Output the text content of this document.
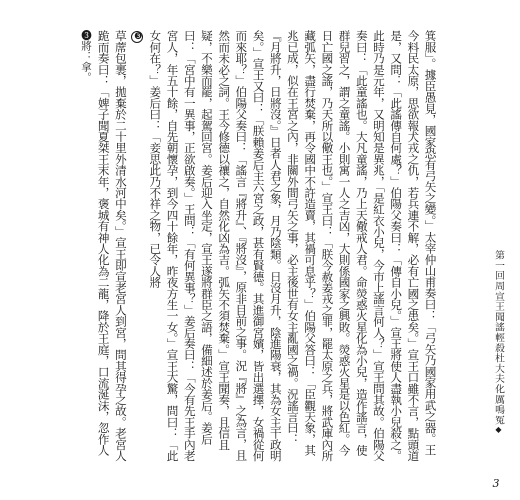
第一回周宣王聞謠輕殺杜大夫化厲鳴冤◆
3

箕服」。據臣愚見，國家恐有弓矢之變。」太宰仲山甫奏曰：「弓矢乃國家用武之器。王今料民太原，思欲報犬戎之仇，若兵連不解，必有亡國之患矣。」宣王口雖不言，點頭道是，又問：「此謠傳自何處？」伯陽父奏曰：「傳自小兒。」宣王將使人盡執小兒殺之。此時乃是元年，又明知是異兆，「是紅衣小兒，今市上謠言何人？」宣王問其故。伯陽父奏曰：「此童謠也。大凡童謠，乃上天儆戒人君。命熒惑火星化為小兒，造作謠言，使群兒習之，謂之童謠。小則寓一人之吉凶，大則係國家之興敗。熒惑火星是以色紅。今日亡國之謠，乃天所以儆王也。」宣王曰：「朕今赦姜戎之罪，罷太原之兵，將武庫內所藏弧矢，盡行焚棄，再令國中不許造賣，其禍可息乎？」伯陽父答曰：「臣觀天象，其兆已成，似在王宮之內，非關外間弓矢之事，必主後世有女主亂國之禍。況謠言曰：『月將升，日將沒。』日者人君之象，月乃陰類。日沒月升，陰進陽衰，其為女主干政明矣。」宣王又曰：「朕賴姜后主六宮之政，甚有賢德。其進御宮嬪，皆出選擇，女禍從何而來耶？」伯陽父奏曰：「謠言『將升』、『將沒』，原非目前之事。況『將』之為言，且然而未必之詞。王今修德以禳之，自然化凶為吉。弧矢不須焚棄。」宣王聞奏，且信且疑，不樂而罷，起駕回宮。姜后迎入坐定，宣王遂將群臣之語，備細述於姜后。姜后曰：「宮中有一異事，正欲啟奏。」王問：「有何異事？」姜后奏曰：「今有先王手內老宮人，年五十餘，自先朝懷孕，到今四十餘年，昨夜方生一女。」宣王大驚，問曰：「此女何在？」姜后曰：「妾思此乃不祥之物，已令人將

❸

草蓆包裹，拋棄於二十里外清水河中矣。」宣王即宣老宮人到宮，問其得孕之故。老宮人跪而奏曰：「婢子聞夏桀王末年，褒城有神人化為二龍，降於王庭，口流涎沫，忽作人

❸將：拿。
